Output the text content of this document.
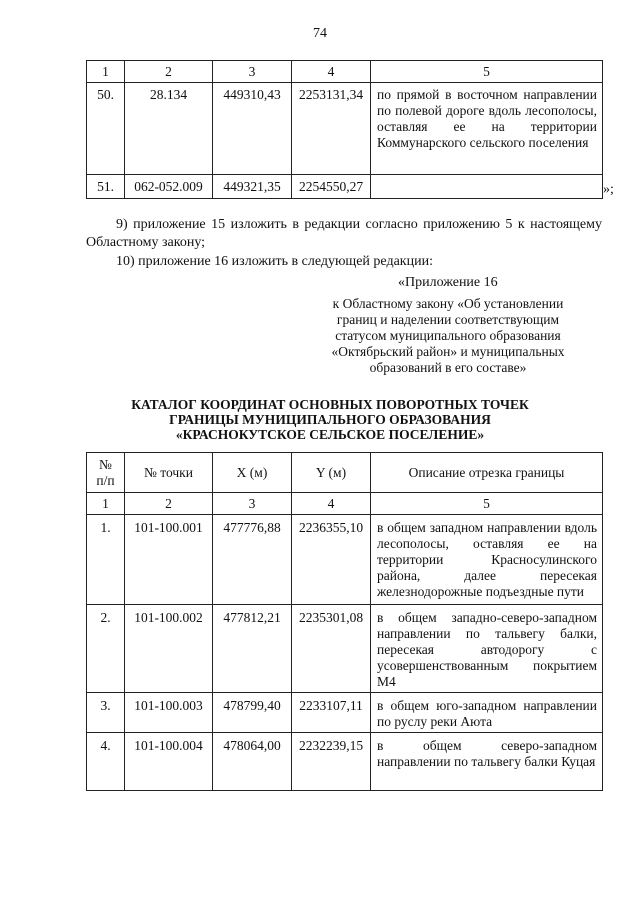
74
1	2	3	4	5
50.	28.134	449310,43	2253131,34	по прямой в восточном направлении по полевой дороге вдоль лесополосы, оставляя ее на территории Коммунарского сельского поселения
51.	062-052.009	449321,35	2254550,27		»;
9) приложение 15 изложить в редакции согласно приложению 5 к настоящему Областному закону;
10) приложение 16 изложить в следующей редакции:
«Приложение 16
к Областному закону «Об установлении
границ и наделении соответствующим
статусом муниципального образования
«Октябрьский район» и муниципальных
образований в его составе»
КАТАЛОГ КООРДИНАТ ОСНОВНЫХ ПОВОРОТНЫХ ТОЧЕК
ГРАНИЦЫ МУНИЦИПАЛЬНОГО ОБРАЗОВАНИЯ
«КРАСНОКУТСКОЕ СЕЛЬСКОЕ ПОСЕЛЕНИЕ»
№
п/п	№ точки	X (м)	Y (м)	Описание отрезка границы
1	2	3	4	5
1.	101-100.001	477776,88	2236355,10	в общем западном направлении вдоль лесополосы, оставляя ее на территории Красносулинского района, далее пересекая железнодорожные подъездные пути
2.	101-100.002	477812,21	2235301,08	в общем западно-северо-западном направлении по тальвегу балки, пересекая автодорогу с усовершенствованным покрытием М4
3.	101-100.003	478799,40	2233107,11	в общем юго-западном направлении по руслу реки Аюта
4.	101-100.004	478064,00	2232239,15	в общем северо-западном направлении по тальвегу балки Куцая
